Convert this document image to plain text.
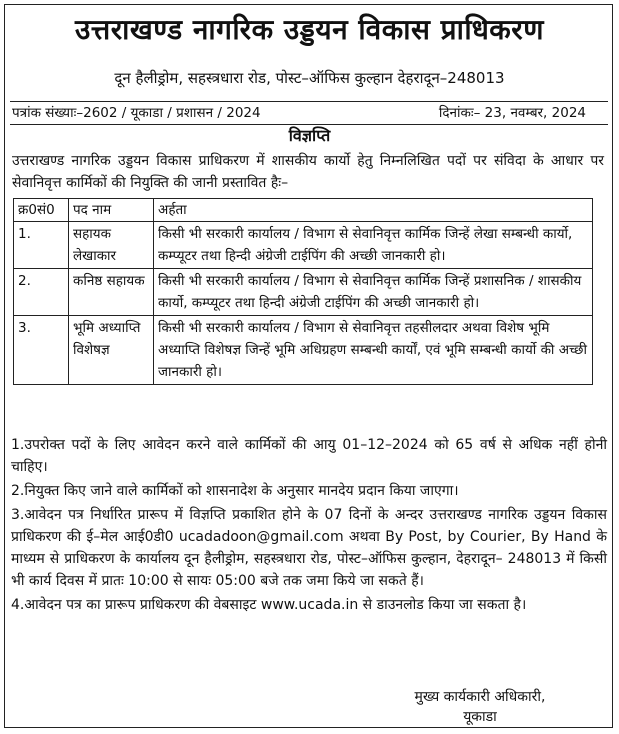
उत्तराखण्ड नागरिक उड्डयन विकास प्राधिकरण
दून हैलीड्रोम, सहस्त्रधारा रोड, पोस्ट–ऑफिस कुल्हान देहरादून–248013
पत्रांक संख्याः–2602 / यूकाडा / प्रशासन / 2024	दिनांकः– 23, नवम्बर, 2024
विज्ञप्ति
उत्तराखण्ड नागरिक उड्डयन विकास प्राधिकरण में शासकीय कार्यो हेतु निम्नलिखित पदों पर संविदा के आधार पर सेवानिवृत्त कार्मिकों की नियुक्ति की जानी प्रस्तावित हैः–
क्र0सं0	पद नाम	अर्हता
1.	सहायक लेखाकार	किसी भी सरकारी कार्यालय / विभाग से सेवानिवृत्त कार्मिक जिन्हें लेखा सम्बन्धी कार्यो, कम्प्यूटर तथा हिन्दी अंग्रेजी टाईपिंग की अच्छी जानकारी हो।
2.	कनिष्ठ सहायक	किसी भी सरकारी कार्यालय / विभाग से सेवानिवृत्त कार्मिक जिन्हें प्रशासनिक / शासकीय कार्यो, कम्प्यूटर तथा हिन्दी अंग्रेजी टाईपिंग की अच्छी जानकारी हो।
3.	भूमि अध्याप्ति विशेषज्ञ	किसी भी सरकारी कार्यालय / विभाग से सेवानिवृत्त तहसीलदार अथवा विशेष भूमि अध्याप्ति विशेषज्ञ जिन्हें भूमि अधिग्रहण सम्बन्धी कार्यों, एवं भूमि सम्बन्धी कार्यो की अच्छी जानकारी हो।

1.उपरोक्त पदों के लिए आवेदन करने वाले कार्मिकों की आयु 01–12–2024 को 65 वर्ष से अधिक नहीं होनी चाहिए।

2.नियुक्त किए जाने वाले कार्मिकों को शासनादेश के अनुसार मानदेय प्रदान किया जाएगा।

3.आवेदन पत्र निर्धारित प्रारूप में विज्ञप्ति प्रकाशित होने के 07 दिनों के अन्दर उत्तराखण्ड नागरिक उड्डयन विकास प्राधिकरण की ई–मेल आई0डी0 ucadadoon@gmail.com अथवा By Post, by Courier, By Hand के माध्यम से प्राधिकरण के कार्यालय दून हैलीड्रोम, सहस्त्रधारा रोड, पोस्ट–ऑफिस कुल्हान, देहरादून– 248013 में किसी भी कार्य दिवस में प्रातः 10:00 से सायः 05:00 बजे तक जमा किये जा सकते हैं।

4.आवेदन पत्र का प्रारूप प्राधिकरण की वेबसाइट www.ucada.in से डाउनलोड किया जा सकता है।

मुख्य कार्यकारी अधिकारी,
यूकाडा
